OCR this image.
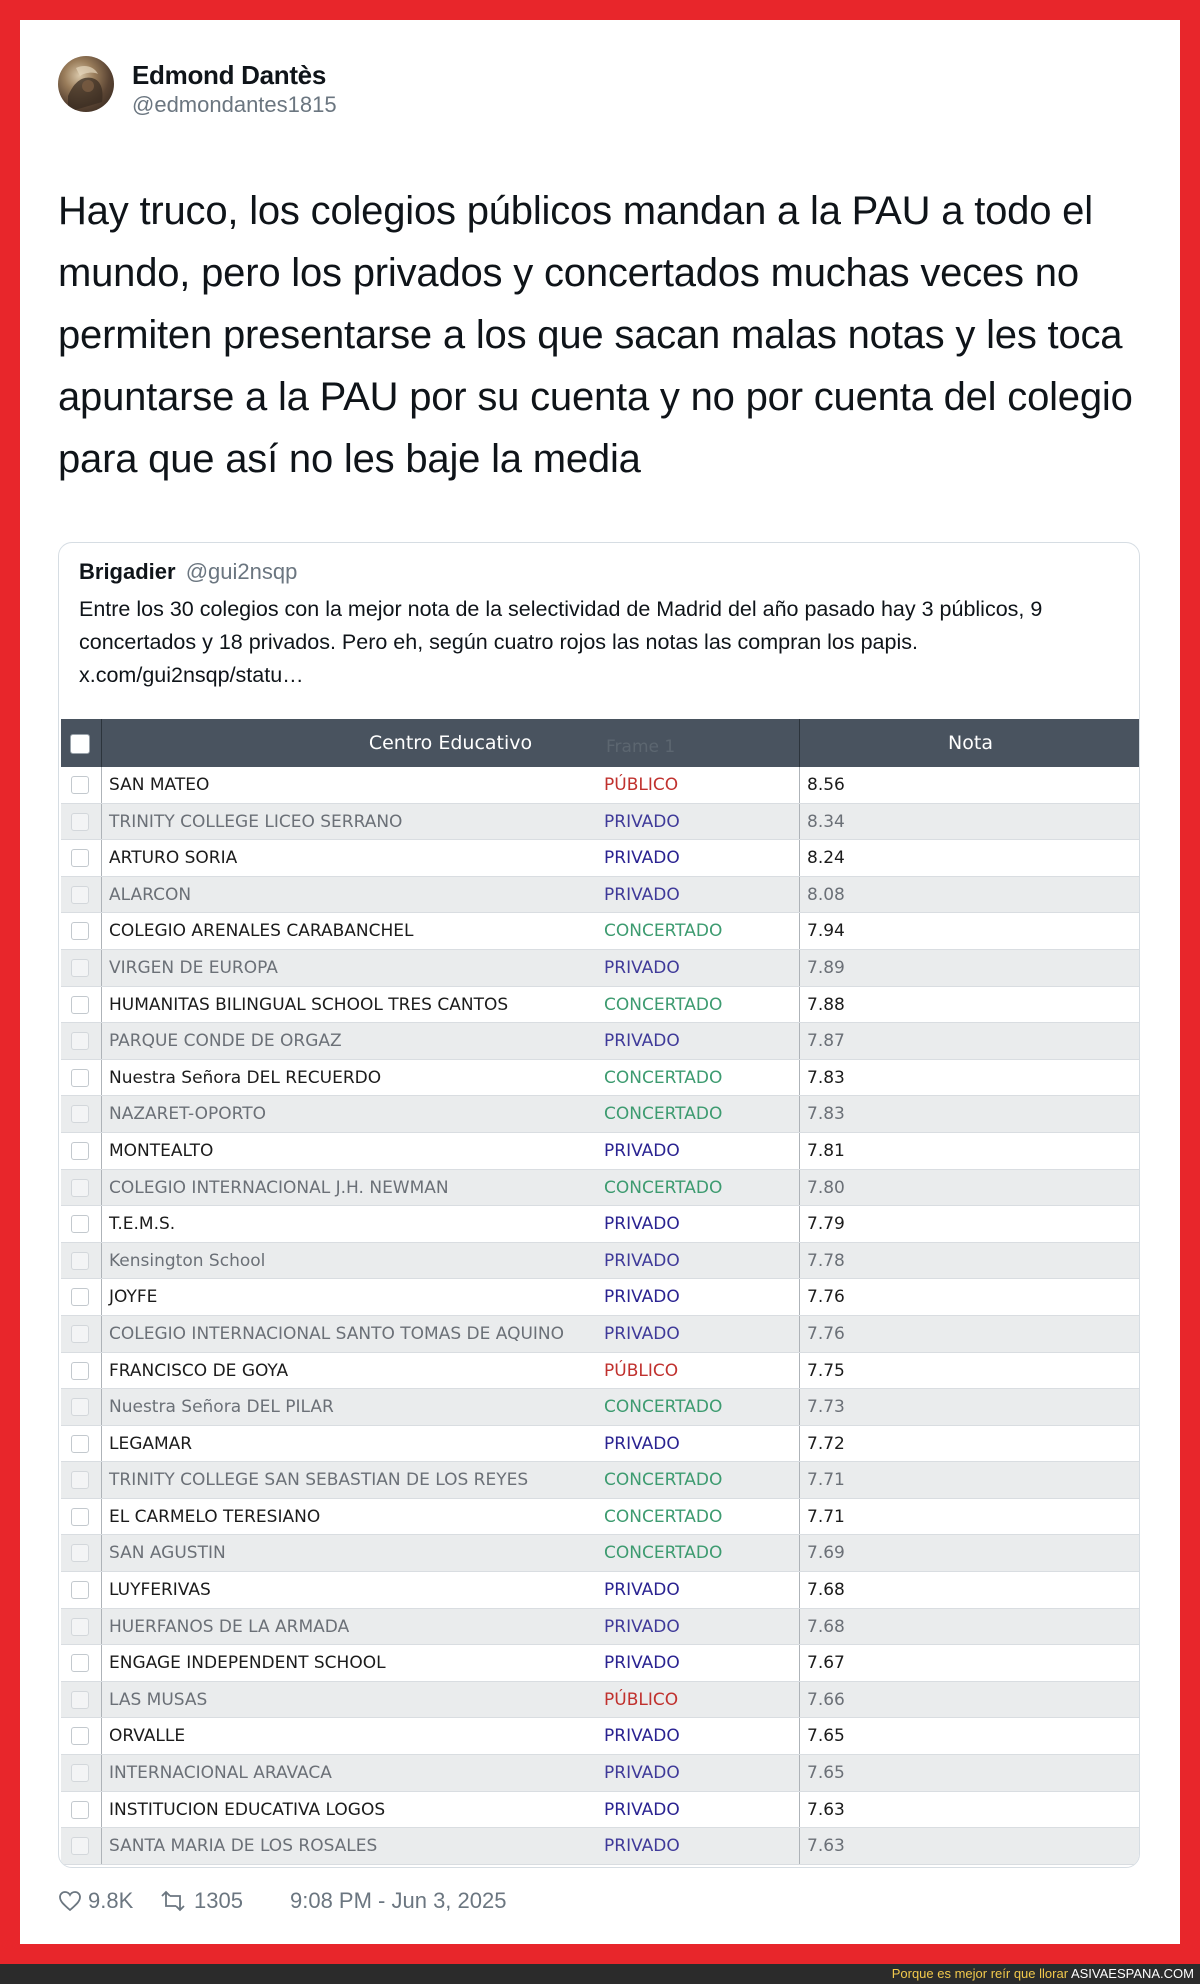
Edmond Dantès
@edmondantes1815
Hay truco, los colegios públicos mandan a la PAU a todo el mundo, pero los privados y concertados muchas veces no permiten presentarse a los que sacan malas notas y les toca apuntarse a la PAU por su cuenta y no por cuenta del colegio para que así no les baje la media
Brigadier @gui2nsqp
Entre los 30 colegios con la mejor nota de la selectividad de Madrid del año pasado hay 3 públicos, 9 concertados y 18 privados. Pero eh, según cuatro rojos las notas las compran los papis.
x.com/gui2nsqp/statu…
Frame 1
Centro Educativo	Nota
SAN MATEO	PÚBLICO	8.56
TRINITY COLLEGE LICEO SERRANO	PRIVADO	8.34
ARTURO SORIA	PRIVADO	8.24
ALARCON	PRIVADO	8.08
COLEGIO ARENALES CARABANCHEL	CONCERTADO	7.94
VIRGEN DE EUROPA	PRIVADO	7.89
HUMANITAS BILINGUAL SCHOOL TRES CANTOS	CONCERTADO	7.88
PARQUE CONDE DE ORGAZ	PRIVADO	7.87
Nuestra Señora DEL RECUERDO	CONCERTADO	7.83
NAZARET-OPORTO	CONCERTADO	7.83
MONTEALTO	PRIVADO	7.81
COLEGIO INTERNACIONAL J.H. NEWMAN	CONCERTADO	7.80
T.E.M.S.	PRIVADO	7.79
Kensington School	PRIVADO	7.78
JOYFE	PRIVADO	7.76
COLEGIO INTERNACIONAL SANTO TOMAS DE AQUINO PRIVADO	7.76
FRANCISCO DE GOYA	PÚBLICO	7.75
Nuestra Señora DEL PILAR	CONCERTADO	7.73
LEGAMAR	PRIVADO	7.72
TRINITY COLLEGE SAN SEBASTIAN DE LOS REYES	CONCERTADO	7.71
EL CARMELO TERESIANO	CONCERTADO	7.71
SAN AGUSTIN	CONCERTADO	7.69
LUYFERIVAS	PRIVADO	7.68
HUERFANOS DE LA ARMADA	PRIVADO	7.68
ENGAGE INDEPENDENT SCHOOL	PRIVADO	7.67
LAS MUSAS	PÚBLICO	7.66
ORVALLE	PRIVADO	7.65
INTERNACIONAL ARAVACA	PRIVADO	7.65
INSTITUCION EDUCATIVA LOGOS	PRIVADO	7.63
SANTA MARIA DE LOS ROSALES	PRIVADO	7.63
9.8K	1305 9:08 PM - Jun 3, 2025
Porque es mejor reír que llorar ASIVAESPANA.COM
